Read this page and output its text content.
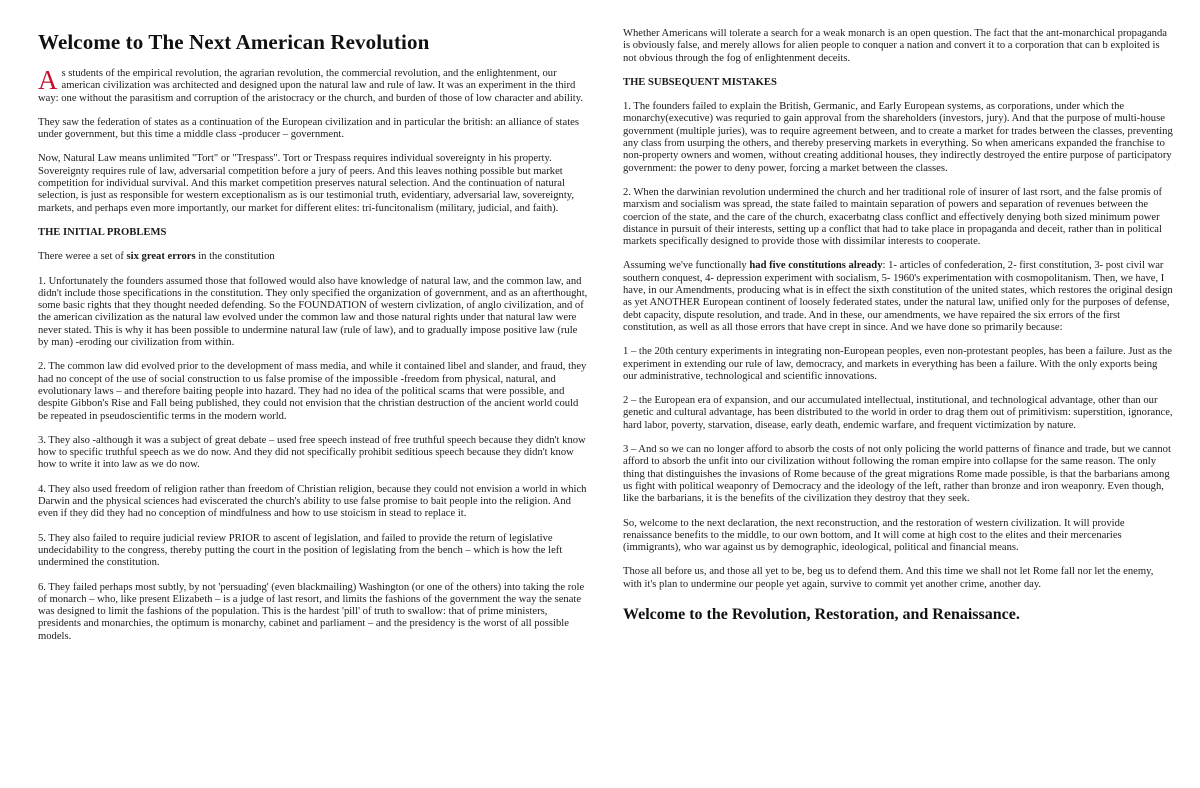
Welcome to The Next American Revolution

As students of the empirical revolution, the agrarian revolution, the commercial revolution, and the enlightenment, our american civilization was architected and designed upon the natural law and rule of law. It was an experiment in the third way: one without the parasitism and corruption of the aristocracy or the church, and burden of those of low character and ability.

They saw the federation of states as a continuation of the European civilization and in particular the british: an alliance of states under government, but this time a middle class -producer – government.

Now, Natural Law means unlimited "Tort" or "Trespass". Tort or Trespass requires individual sovereignty in his property. Sovereignty requires rule of law, adversarial competition before a jury of peers. And this leaves nothing possible but market competition for individual survival. And this market competition preserves natural selection. And the continuation of natural selection, is just as responsible for western exceptionalism as is our testimonial truth, evidentiary, adversarial law, sovereignty, markets, and perhaps even more importantly, our market for different elites: tri-funcitonalism (military, judicial, and faith).

THE INITIAL PROBLEMS

There weree a set of six great errors in the constitution

1. Unfortunately the founders assumed those that followed would also have knowledge of natural law, and the common law, and didn't include those specifications in the constitution. They only specified the organization of government, and as an afterthought, some basic rights that they thought needed defending. So the FOUNDATION of western civlization, of anglo civilization, and of the american civilization as the natural law evolved under the common law and those natural rights under that natural law were never stated. This is why it has been possible to undermine natural law (rule of law), and to gradually impose positive law (rule by man) -eroding our civilization from within.

2. The common law did evolved prior to the development of mass media, and while it contained libel and slander, and fraud, they had no concept of the use of social construction to us false promise of the impossible -freedom from physical, natural, and evolutionary laws – and therefore baiting people into hazard. They had no idea of the political scams that were possible, and despite Gibbon's Rise and Fall being published, they could not envision that the christian destruction of the ancient world could be repeated in pseudoscientific terms in the modern world.

3. They also -although it was a subject of great debate – used free speech instead of free truthful speech because they didn't know how to specific truthful speech as we do now. And they did not specifically prohibit seditious speech because they didn't know how to write it into law as we do now.

4. They also used freedom of religion rather than freedom of Christian religion, because they could not envision a world in which Darwin and the physical sciences had eviscerated the church's ability to use false promise to bait people into the religion. And even if they did they had no conception of mindfulness and how to use stoicism in stead to replace it.

5. They also failed to require judicial review PRIOR to ascent of legislation, and failed to provide the return of legislative undecidability to the congress, thereby putting the court in the position of legislating from the bench – which is how the left undermined the constitution.

6. They failed perhaps most subtly, by not 'persuading' (even blackmailing) Washington (or one of the others) into taking the role of monarch – who, like present Elizabeth – is a judge of last resort, and limits the fashions of the government the way the senate was designed to limit the fashions of the population. This is the hardest 'pill' of truth to swallow: that of prime ministers, presidents and monarchies, the optimum is monarchy, cabinet and parliament – and the presidency is the worst of all possible models.

Whether Americans will tolerate a search for a weak monarch is an open question. The fact that the ant-monarchical propaganda is obviously false, and merely allows for alien people to conquer a nation and convert it to a corporation that can b exploited is not obvious through the fog of enlightenment deceits.

THE SUBSEQUENT MISTAKES

1. The founders failed to explain the British, Germanic, and Early European systems, as corporations, under which the monarchy(executive) was requried to gain approval from the shareholders (investors, jury). And that the purpose of multi-house government (multiple juries), was to require agreement between, and to create a market for trades between the classes, preventing any class from usurping the others, and thereby preserving markets in everything. So when americans expanded the franchise to non-property owners and women, without creating additional houses, they indirectly destroyed the entire purpose of participatory government: the power to deny power, forcing a market between the classes.

2. When the darwinian revolution undermined the church and her traditional role of insurer of last rsort, and the false promis of marxism and socialism was spread, the state failed to maintain separation of powers and separation of revenues between the coercion of the state, and the care of the church, exacerbatng class conflict and effectively denying both sized minimum power distance in pursuit of their interests, setting up a conflict that had to take place in propaganda and deceit, rather than in political markets specifically designed to provide those with dissimilar interests to cooperate.

Assuming we've functionally had five constitutions already: 1- articles of confederation, 2- first constitution, 3- post civil war southern conquest, 4- depression experiment with socialism, 5- 1960's experimentation with cosmopolitanism. Then, we have, I have, in our Amendments, producing what is in effect the sixth constitution of the united states, which restores the original design as yet ANOTHER European continent of loosely federated states, under the natural law, unified only for the purposes of defense, debt capacity, dispute resolution, and trade. And in these, our amendments, we have repaired the six errors of the first constitution, as well as all those errors that have crept in since. And we have done so primarily because:

1 – the 20th century experiments in integrating non-European peoples, even non-protestant peoples, has been a failure. Just as the experiment in extending our rule of law, democracy, and markets in everything has been a failure. With the only exports being our administrative, technological and scientific innovations.

2 – the European era of expansion, and our accumulated intellectual, institutional, and technological advantage, other than our genetic and cultural advantage, has been distributed to the world in order to drag them out of primitivism: superstition, ignorance, hard labor, poverty, starvation, disease, early death, endemic warfare, and frequent victimization by nature.

3 – And so we can no longer afford to absorb the costs of not only policing the world patterns of finance and trade, but we cannot afford to absorb the unfit into our civilization without following the roman empire into collapse for the same reason. The only thing that distinguishes the invasions of Rome because of the great migrations Rome made possible, is that the barbarians among us fight with political weaponry of Democracy and the ideology of the left, rather than bronze and iron weaponry. Even though, like the barbarians, it is the benefits of the civilization they destroy that they seek.

So, welcome to the next declaration, the next reconstruction, and the restoration of western civilization. It will provide renaissance benefits to the middle, to our own bottom, and It will come at high cost to the elites and their mercenaries (immigrants), who war against us by demographic, ideological, political and financial means.

Those all before us, and those all yet to be, beg us to defend them. And this time we shall not let Rome fall nor let the enemy, with it's plan to undermine our people yet again, survive to commit yet another crime, another day.

Welcome to the Revolution, Restoration, and Renaissance.
